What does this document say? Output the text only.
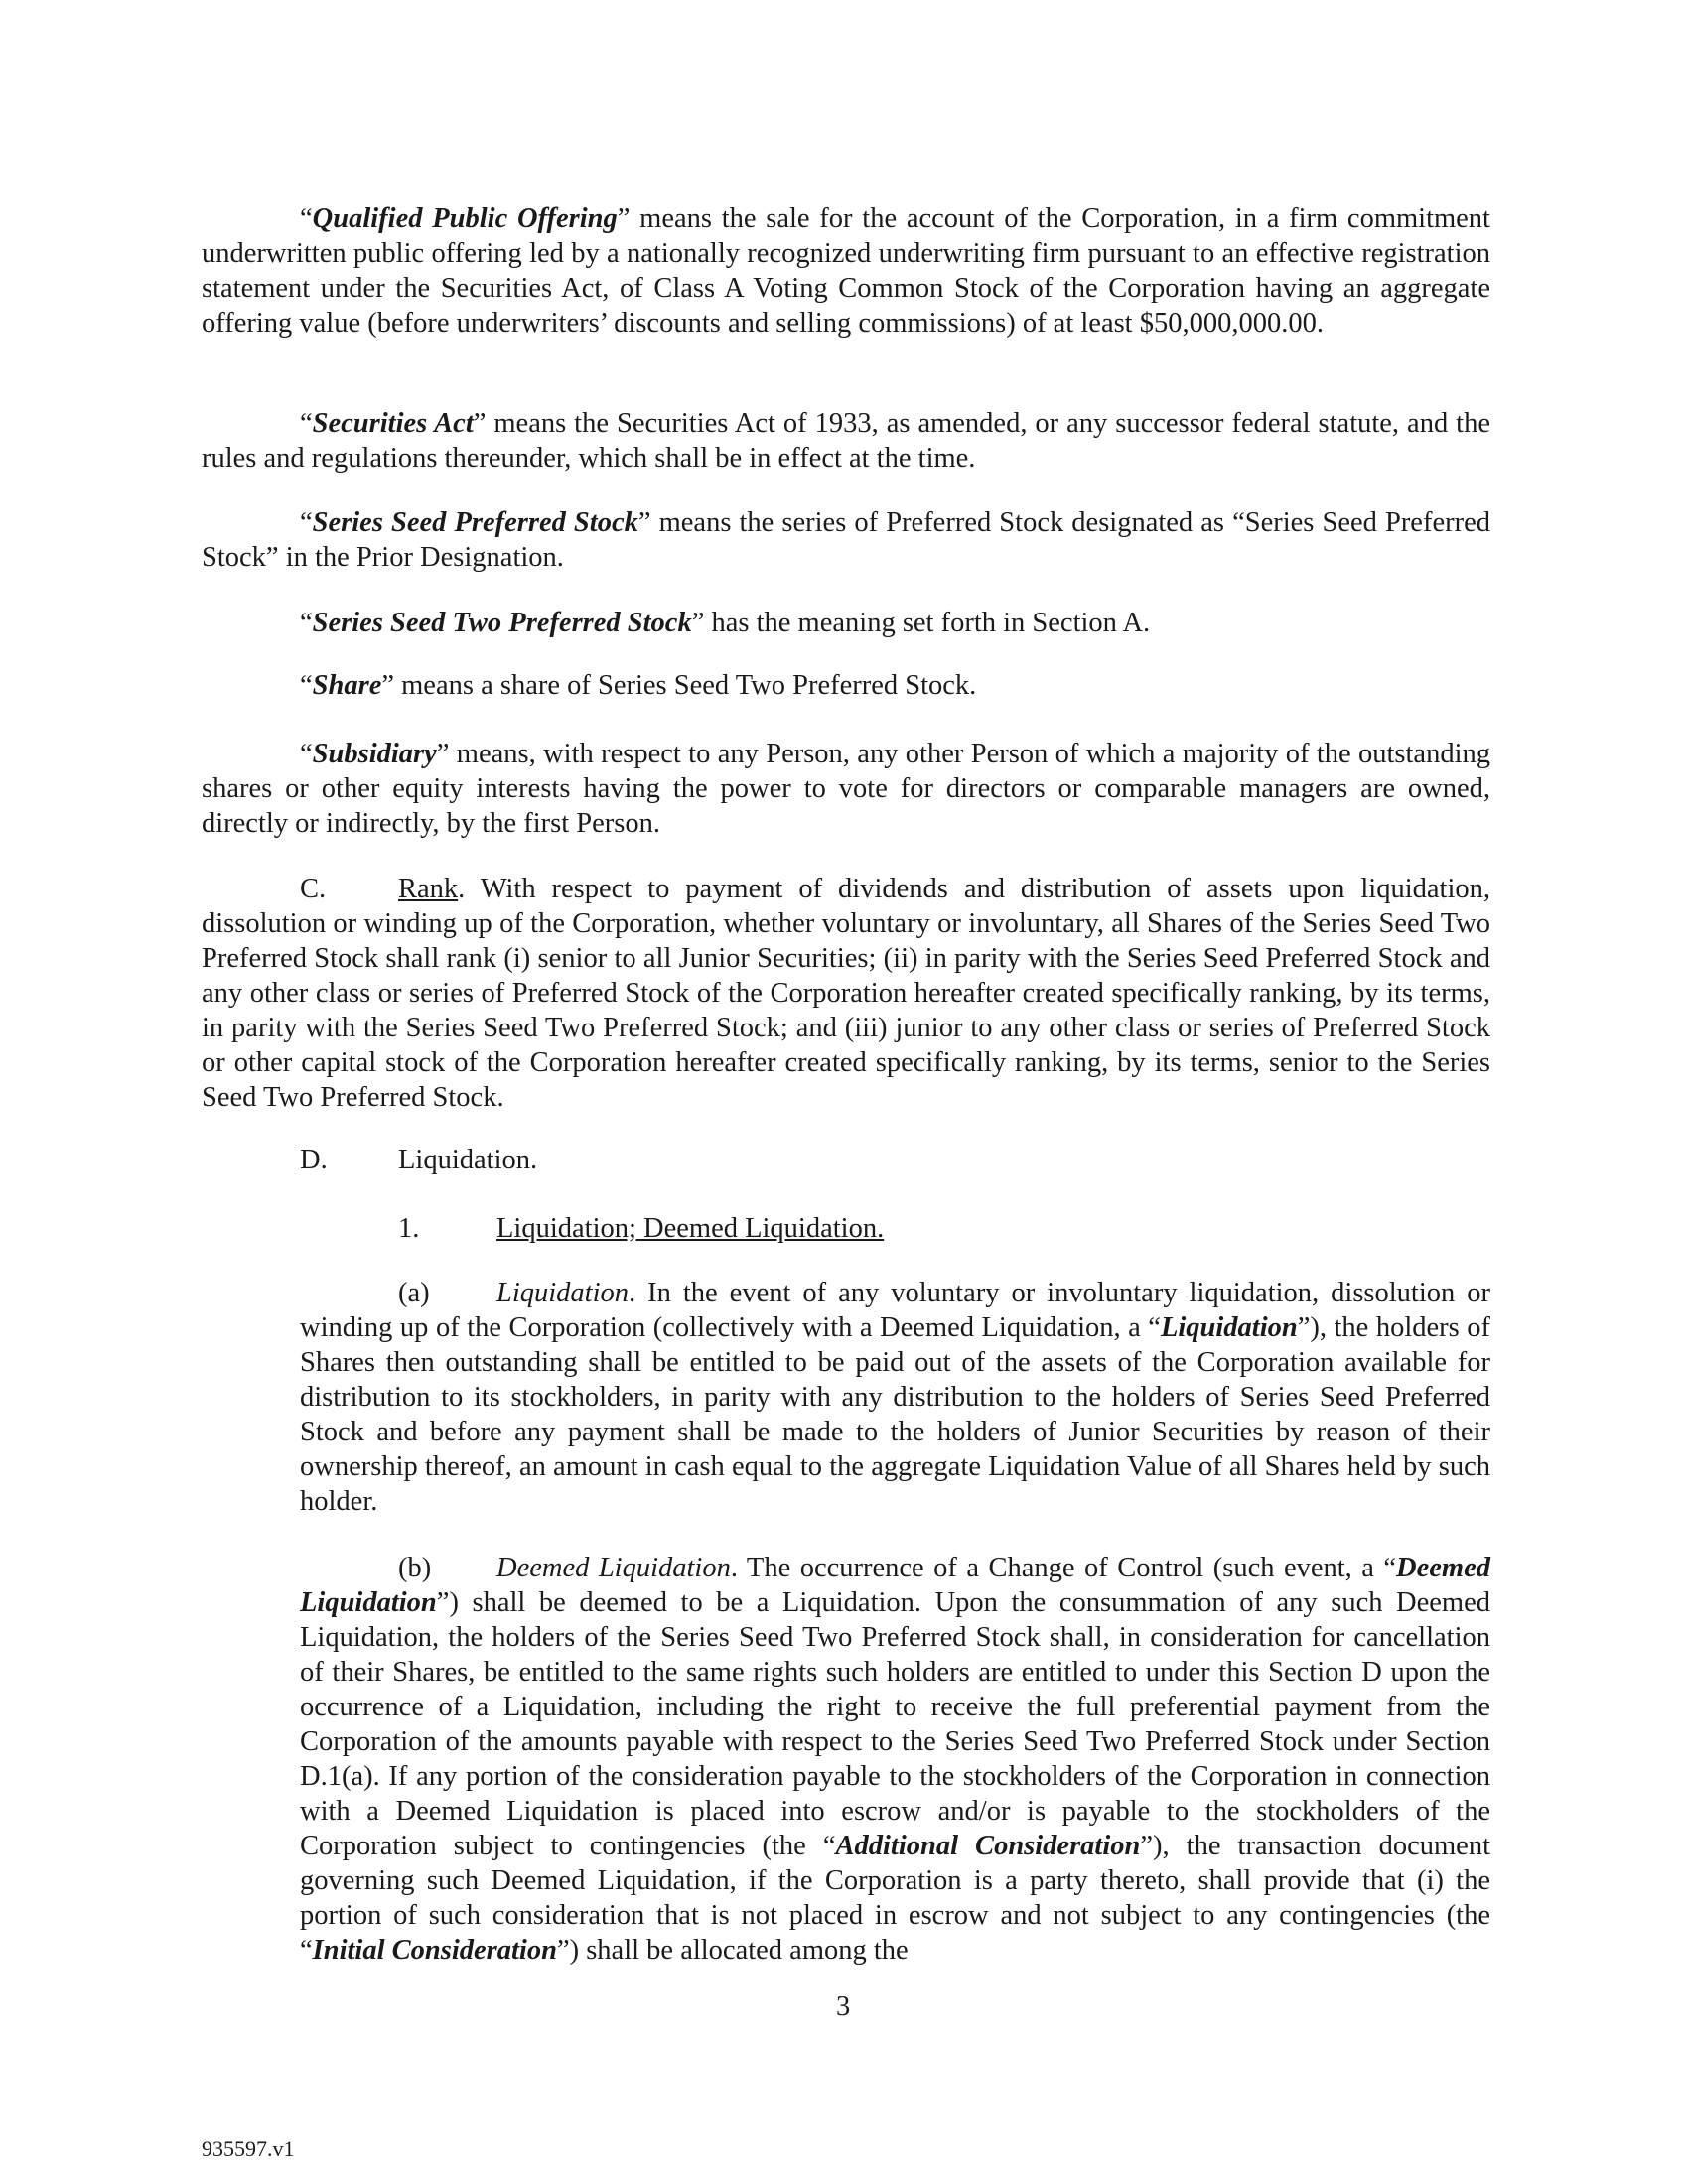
“Qualified Public Offering” means the sale for the account of the Corporation, in a firm commitment underwritten public offering led by a nationally recognized underwriting firm pursuant to an effective registration statement under the Securities Act, of Class A Voting Common Stock of the Corporation having an aggregate offering value (before underwriters’ discounts and selling commissions) of at least $50,000,000.00.

“Securities Act” means the Securities Act of 1933, as amended, or any successor federal statute, and the rules and regulations thereunder, which shall be in effect at the time.

“Series Seed Preferred Stock” means the series of Preferred Stock designated as “Series Seed Preferred Stock” in the Prior Designation.

“Series Seed Two Preferred Stock” has the meaning set forth in Section A.

“Share” means a share of Series Seed Two Preferred Stock.

“Subsidiary” means, with respect to any Person, any other Person of which a majority of the outstanding shares or other equity interests having the power to vote for directors or comparable managers are owned, directly or indirectly, by the first Person.

C.	Rank. With respect to payment of dividends and distribution of assets upon liquidation, dissolution or winding up of the Corporation, whether voluntary or involuntary, all Shares of the Series Seed Two Preferred Stock shall rank (i) senior to all Junior Securities; (ii) in parity with the Series Seed Preferred Stock and any other class or series of Preferred Stock of the Corporation hereafter created specifically ranking, by its terms, in parity with the Series Seed Two Preferred Stock; and (iii) junior to any other class or series of Preferred Stock or other capital stock of the Corporation hereafter created specifically ranking, by its terms, senior to the Series Seed Two Preferred Stock.

D.	Liquidation.

1.	Liquidation; Deemed Liquidation.

(a) Liquidation. In the event of any voluntary or involuntary liquidation, dissolution or winding up of the Corporation (collectively with a Deemed Liquidation, a “Liquidation”), the holders of Shares then outstanding shall be entitled to be paid out of the assets of the Corporation available for distribution to its stockholders, in parity with any distribution to the holders of Series Seed Preferred Stock and before any payment shall be made to the holders of Junior Securities by reason of their ownership thereof, an amount in cash equal to the aggregate Liquidation Value of all Shares held by such holder.

(b) Deemed Liquidation. The occurrence of a Change of Control (such event, a “Deemed Liquidation”) shall be deemed to be a Liquidation. Upon the consummation of any such Deemed Liquidation, the holders of the Series Seed Two Preferred Stock shall, in consideration for cancellation of their Shares, be entitled to the same rights such holders are entitled to under this Section D upon the occurrence of a Liquidation, including the right to receive the full preferential payment from the Corporation of the amounts payable with respect to the Series Seed Two Preferred Stock under Section D.1(a). If any portion of the consideration payable to the stockholders of the Corporation in connection with a Deemed Liquidation is placed into escrow and/or is payable to the stockholders of the Corporation subject to contingencies (the “Additional Consideration”), the transaction document governing such Deemed Liquidation, if the Corporation is a party thereto, shall provide that (i) the portion of such consideration that is not placed in escrow and not subject to any contingencies (the “Initial Consideration”) shall be allocated among the

3
935597.v1
